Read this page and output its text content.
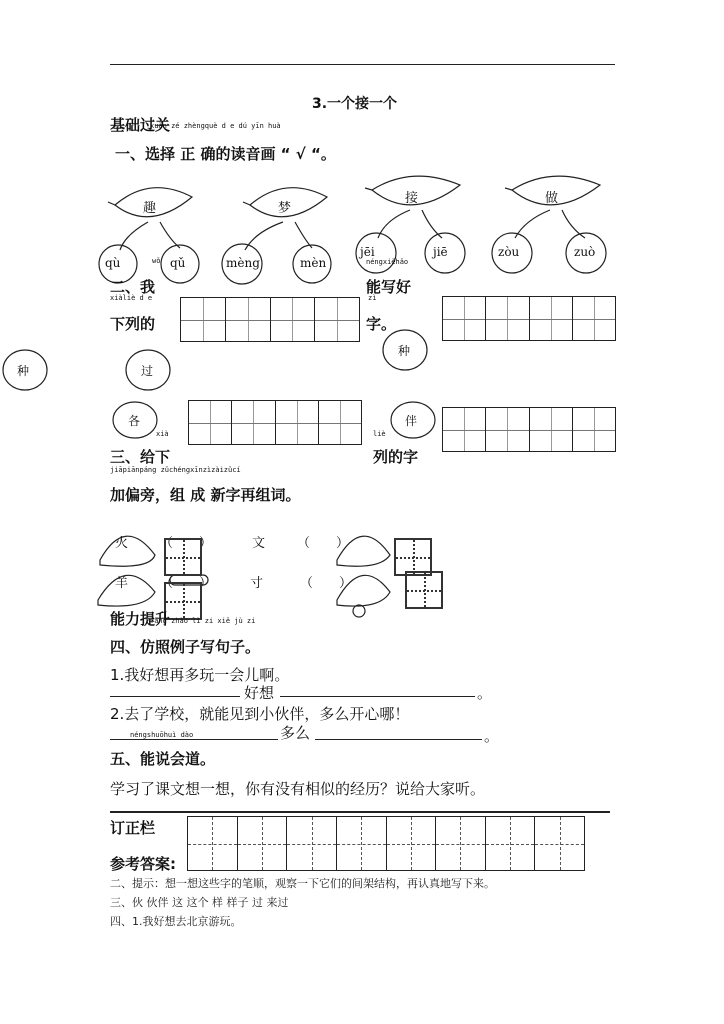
3.一个接一个
基础过关
xuǎn zé zhèngquè d e dú yīn huà
一、选择 正 确的读音画 “ √ “。
趣	梦
接	做
qù	qǔ	mèng	mèn
jēi	jiē	zòu	zuò
wǒ
二、我
xiàliè d e
下列的
néngxiěhǎo
能写好
zì
字。
种	过
种
各	伴
xià	liè
三、给下	列的字
jiāpiānpáng zǔchéngxīnzìzàizǔcí
加偏旁，组 成 新字再组词。
火 （　　）	文 （　　）
羊 （　　）	寸	（　　）
能力提升
fǎng zhào lì zi xiě jù zi
四、仿照例子写句子。
1.我好想再多玩一会儿啊。
好想	。
2.去了学校，就能见到小伙伴，多么开心哪！
néngshuōhuì dào	多么	。
五、能说会道。
学习了课文想一想，你有没有相似的经历？说给大家听。
订正栏
参考答案:
二、提示：想一想这些字的笔顺，观察一下它们的间架结构，再认真地写下来。
三、伙 伙伴 这 这个 样 样子 过 来过
四、1.我好想去北京游玩。
